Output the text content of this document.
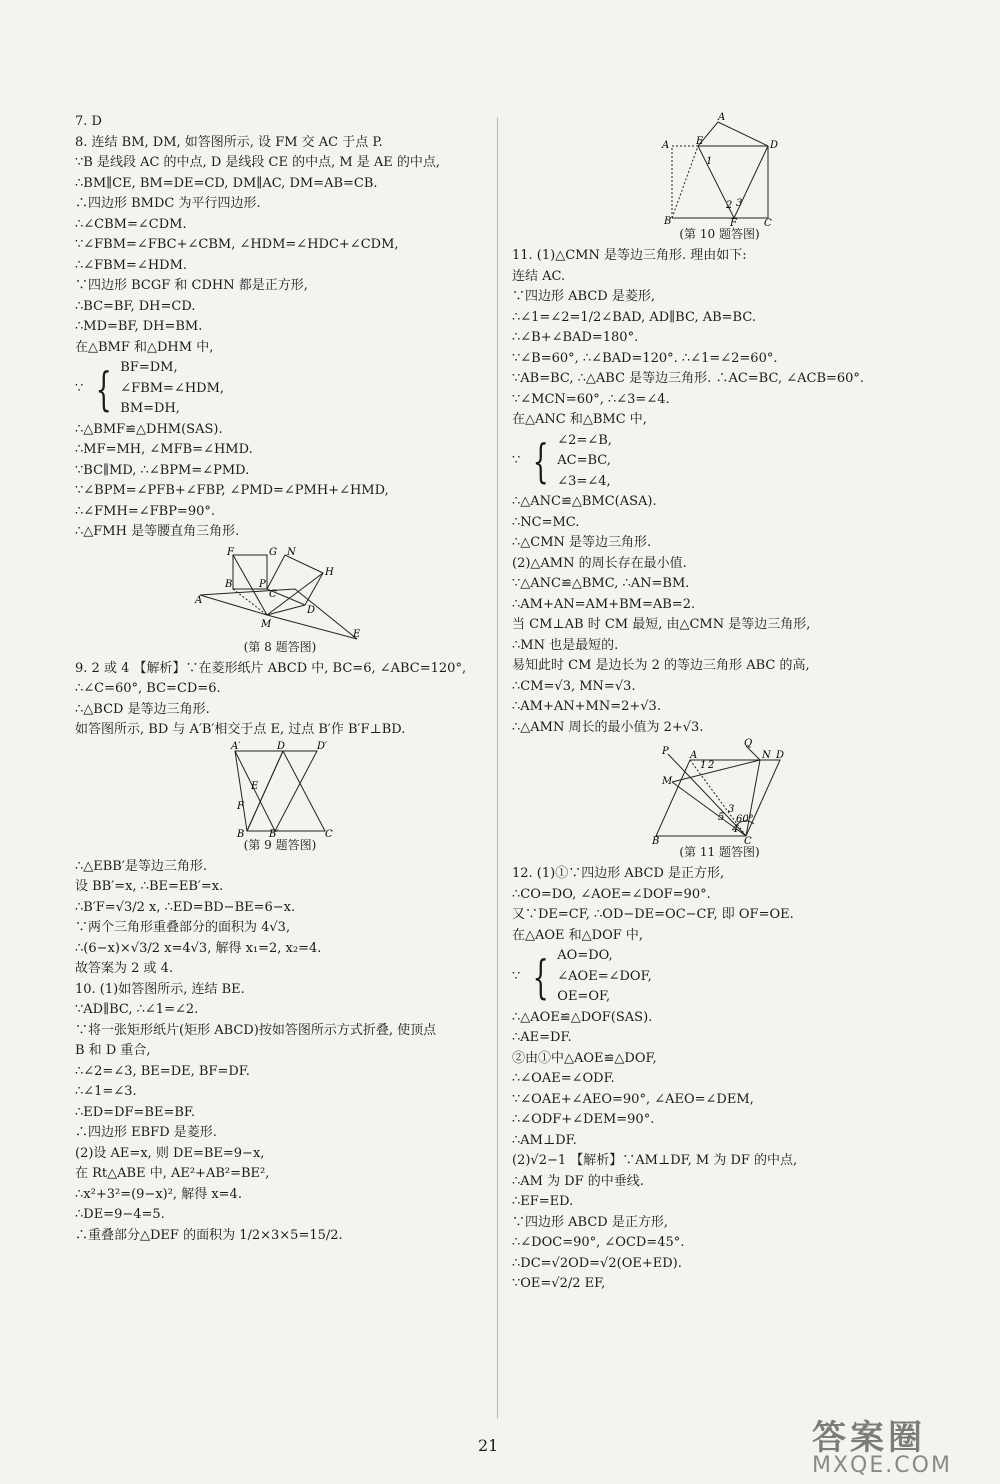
7. D
8. 连结 BM, DM, 如答图所示, 设 FM 交 AC 于点 P.
∵B 是线段 AC 的中点, D 是线段 CE 的中点, M 是 AE 的中点,
∴BM∥CE, BM=DE=CD, DM∥AC, DM=AB=CB.
∴四边形 BMDC 为平行四边形.
∴∠CBM=∠CDM.
∵∠FBM=∠FBC+∠CBM, ∠HDM=∠HDC+∠CDM,
∴∠FBM=∠HDM.
∵四边形 BCGF 和 CDHN 都是正方形,
∴BC=BF, DH=CD.
∴MD=BF, DH=BM.
在△BMF 和△DHM 中,
∵ { BF=DM,
∠FBM=∠HDM,
BM=DH,
∴△BMF≌△DHM(SAS).
∴MF=MH, ∠MFB=∠HMD.
∵BC∥MD, ∴∠BPM=∠PMD.
∵∠BPM=∠PFB+∠FBP, ∠PMD=∠PMH+∠HMD,
∴∠FMH=∠FBP=90°.
∴△FMH 是等腰直角三角形.
A
B
F	G N
H
P
C
D
M
E
(第 8 题答图)
9. 2 或 4 【解析】∵在菱形纸片 ABCD 中, BC=6, ∠ABC=120°,
∴∠C=60°, BC=CD=6.
∴△BCD 是等边三角形.
如答图所示, BD 与 A′B′相交于点 E, 过点 B′作 B′F⊥BD.
A′	D	D′
E
F
B B′	C
(第 9 题答图)
∴△EBB′是等边三角形.
设 BB′=x, ∴BE=EB′=x.
∴B′F=√3/2 x, ∴ED=BD−BE=6−x.
∵两个三角形重叠部分的面积为 4√3,
∴(6−x)×√3/2 x=4√3, 解得 x₁=2, x₂=4.
故答案为 2 或 4.
10. (1)如答图所示, 连结 BE.
∵AD∥BC, ∴∠1=∠2.
∵将一张矩形纸片(矩形 ABCD)按如答图所示方式折叠, 使顶点
B 和 D 重合,
∴∠2=∠3, BE=DE, BF=DF.
∴∠1=∠3.
∴ED=DF=BE=BF.
∴四边形 EBFD 是菱形.
(2)设 AE=x, 则 DE=BE=9−x,
在 Rt△ABE 中, AE²+AB²=BE²,
∴x²+3²=(9−x)², 解得 x=4.
∴DE=9−4=5.
∴重叠部分△DEF 的面积为 1/2×3×5=15/2.
A
A	E	D
1
2 3
B	F	C
(第 10 题答图)
11. (1)△CMN 是等边三角形. 理由如下:
连结 AC.
∵四边形 ABCD 是菱形,
∴∠1=∠2=1/2∠BAD, AD∥BC, AB=BC.
∴∠B+∠BAD=180°.
∵∠B=60°, ∴∠BAD=120°. ∴∠1=∠2=60°.
∵AB=BC, ∴△ABC 是等边三角形. ∴AC=BC, ∠ACB=60°.
∵∠MCN=60°, ∴∠3=∠4.
在△ANC 和△BMC 中,
∵ { ∠2=∠B,
AC=BC,
∠3=∠4,
∴△ANC≌△BMC(ASA).
∴NC=MC.
∴△CMN 是等边三角形.
(2)△AMN 的周长存在最小值.
∵△ANC≌△BMC, ∴AN=BM.
∴AM+AN=AM+BM=AB=2.
当 CM⊥AB 时 CM 最短, 由△CMN 是等边三角形,
∴MN 也是最短的.
易知此时 CM 是边长为 2 的等边三角形 ABC 的高,
∴CM=√3, MN=√3.
∴AM+AN+MN=2+√3.
∴△AMN 周长的最小值为 2+√3.
P
Q
A
1 2
N D
M
3
5
4
60°
B	C
(第 11 题答图)
12. (1)①∵四边形 ABCD 是正方形,
∴CO=DO, ∠AOE=∠DOF=90°.
又∵DE=CF, ∴OD−DE=OC−CF, 即 OF=OE.
在△AOE 和△DOF 中,
∵ { AO=DO,
∠AOE=∠DOF,
OE=OF,
∴△AOE≌△DOF(SAS).
∴AE=DF.
②由①中△AOE≌△DOF,
∴∠OAE=∠ODF.
∵∠OAE+∠AEO=90°, ∠AEO=∠DEM,
∴∠ODF+∠DEM=90°.
∴AM⊥DF.
(2)√2−1 【解析】∵AM⊥DF, M 为 DF 的中点,
∴AM 为 DF 的中垂线.
∴EF=ED.
∵四边形 ABCD 是正方形,
∴∠DOC=90°, ∠OCD=45°.
∴DC=√2OD=√2(OE+ED).
∵OE=√2/2 EF,
21	答案圈
MXQE.COM
